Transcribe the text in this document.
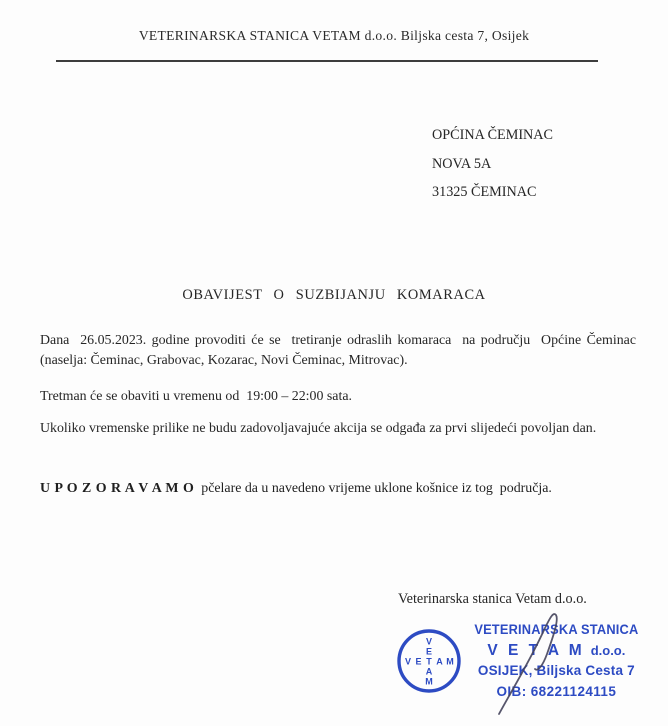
VETERINARSKA STANICA VETAM d.o.o. Biljska cesta 7, Osijek
OPĆINA ČEMINAC
NOVA 5A
31325 ČEMINAC
OBAVIJEST O SUZBIJANJU KOMARACA

Dana  26.05.2023. godine provoditi će se  tretiranje odraslih komaraca  na području  Općine Čeminac (naselja: Čeminac, Grabovac, Kozarac, Novi Čeminac, Mitrovac).

Tretman će se obaviti u vremenu od  19:00 – 22:00 sata.

Ukoliko vremenske prilike ne budu zadovoljavajuće akcija se odgađa za prvi slijedeći povoljan dan.

U P O Z O R A V A M O  pčelare da u navedeno vrijeme uklone košnice iz tog  područja.

Veterinarska stanica Vetam d.o.o.
V
E
V E T A M
A
M
VETERINARSKA STANICA
V E T A M d.o.o.
OSIJEK, Biljska Cesta 7
OIB: 68221124115
